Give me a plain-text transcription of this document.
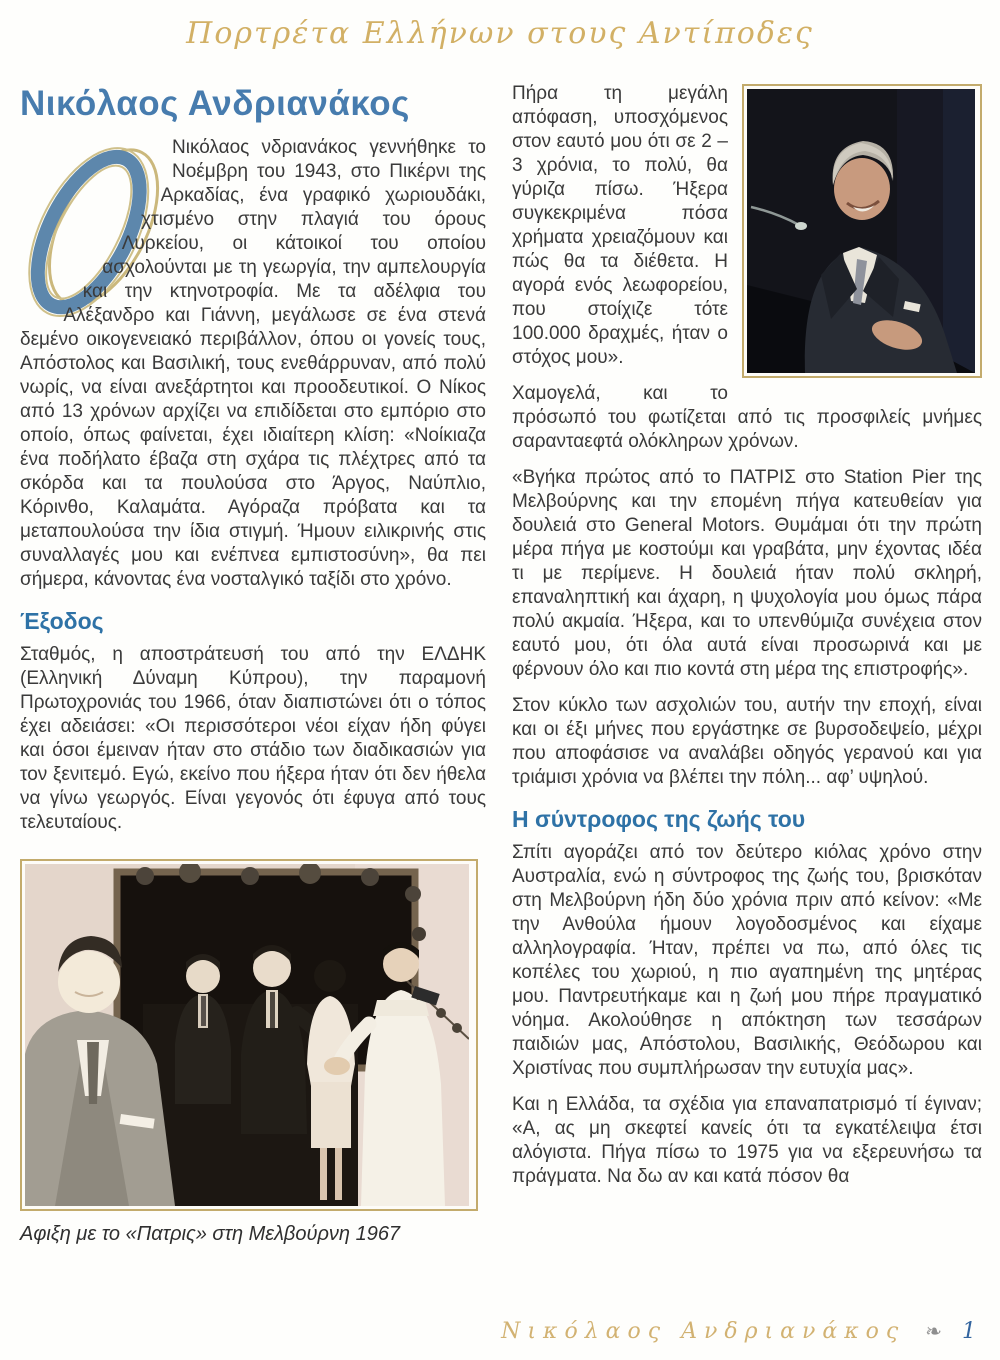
Πορτρέτα Ελλήνων στους Αντίποδες
Νικόλαος Ανδριανάκος

Νικόλαος νδριανάκος γεννήθηκε το Νοέμβρη του 1943, στο Πικέρνι της Αρκαδίας, ένα γραφικό χωριουδάκι, χτισμένο στην πλαγιά του όρους Λυρκείου, οι κάτοικοί του οποίου ασχολούνται με τη γεωργία, την αμπελουργία και την κτηνοτροφία. Με τα αδέλφια του Αλέξανδρο και Γιάννη, μεγάλωσε σε ένα στενά δεμένο οικογενειακό περιβάλλον, όπου οι γονείς τους, Απόστολος και Βασιλική, τους ενεθάρρυναν, από πολύ νωρίς, να είναι ανεξάρτητοι και προοδευτικοί. Ο Νίκος από 13 χρόνων αρχίζει να επιδίδεται στο εμπόριο στο οποίο, όπως φαίνεται, έχει ιδιαίτερη κλίση: «Νοίκιαζα ένα ποδήλατο έβαζα στη σχάρα τις πλέχτρες από τα σκόρδα και τα πουλούσα στο Άργος, Ναύπλιο, Κόρινθο, Καλαμάτα. Αγόραζα πρόβατα και τα μεταπουλούσα την ίδια στιγμή. Ήμουν ειλικρινής στις συναλλαγές μου και ενέπνεα εμπιστοσύνη», θα πει σήμερα, κάνοντας ένα νοσταλγικό ταξίδι στο χρόνο.

Έξοδος

Σταθμός, η αποστράτευσή του από την ΕΛΔΗΚ (Ελληνική Δύναμη Κύπρου), την παραμονή Πρωτοχρονιάς του 1966, όταν διαπιστώνει ότι ο τόπος έχει αδειάσει: «Οι περισσότεροι νέοι είχαν ήδη φύγει και όσοι έμειναν ήταν στο στάδιο των διαδικασιών για τον ξενιτεμό. Εγώ, εκείνο που ήξερα ήταν ότι δεν ήθελα να γίνω γεωργός. Είναι γεγονός ότι έφυγα από τους τελευταίους.

Αφιξη με το «Πατρις» στη Μελβούρνη 1967

Πήρα τη μεγάλη απόφαση, υποσχόμενος στον εαυτό μου ότι σε 2 – 3 χρόνια, το πολύ, θα γύριζα πίσω. Ήξερα συγκεκριμένα πόσα χρήματα χρειαζόμουν και πώς θα τα διέθετα. Η αγορά ενός λεωφορείου, που στοίχιζε τότε 100.000 δραχμές, ήταν ο στόχος μου».

Χαμογελά, και το πρόσωπό του φωτίζεται από τις προσφιλείς μνήμες σαρανταεφτά ολόκληρων χρόνων.

«Βγήκα πρώτος από το ΠΑΤΡΙΣ στο Station Pier της Μελβούρνης και την επομένη πήγα κατευθείαν για δουλειά στο General Motors. Θυμάμαι ότι την πρώτη μέρα πήγα με κοστούμι και γραβάτα, μην έχοντας ιδέα τι με περίμενε. Η δουλειά ήταν πολύ σκληρή, επαναληπτική και άχαρη, η ψυχολογία μου όμως πάρα πολύ ακμαία. Ήξερα, και το υπενθύμιζα συνέχεια στον εαυτό μου, ότι όλα αυτά είναι προσωρινά και με φέρνουν όλο και πιο κοντά στη μέρα της επιστροφής».

Στον κύκλο των ασχολιών του, αυτήν την εποχή, είναι και οι έξι μήνες που εργάστηκε σε βυρσοδεψείο, μέχρι που αποφάσισε να αναλάβει οδηγός γερανού και για τριάμισι χρόνια να βλέπει την πόλη... αφ’ υψηλού.

Η σύντροφος της ζωής του

Σπίτι αγοράζει από τον δεύτερο κιόλας χρόνο στην Αυστραλία, ενώ η σύντροφος της ζωής του, βρισκόταν στη Μελβούρνη ήδη δύο χρόνια πριν από κείνον: «Με την Ανθούλα ήμουν λογοδοσμένος και είχαμε αλληλογραφία. Ήταν, πρέπει να πω, από όλες τις κοπέλες του χωριού, η πιο αγαπημένη της μητέρας μου. Παντρευτήκαμε και η ζωή μου πήρε πραγματικό νόημα. Ακολούθησε η απόκτηση των τεσσάρων παιδιών μας, Απόστολου, Βασιλικής, Θεόδωρου και Χριστίνας που συμπλήρωσαν την ευτυχία μας».

Και η Ελλάδα, τα σχέδια για επαναπατρισμό τί έγιναν; «Α, ας μη σκεφτεί κανείς ότι τα εγκατέλειψα έτσι αλόγιστα. Πήγα πίσω το 1975 για να εξερευνήσω τα πράγματα. Να δω αν και κατά πόσον θα

Νικόλαος Ανδριανάκος ❧ 1
